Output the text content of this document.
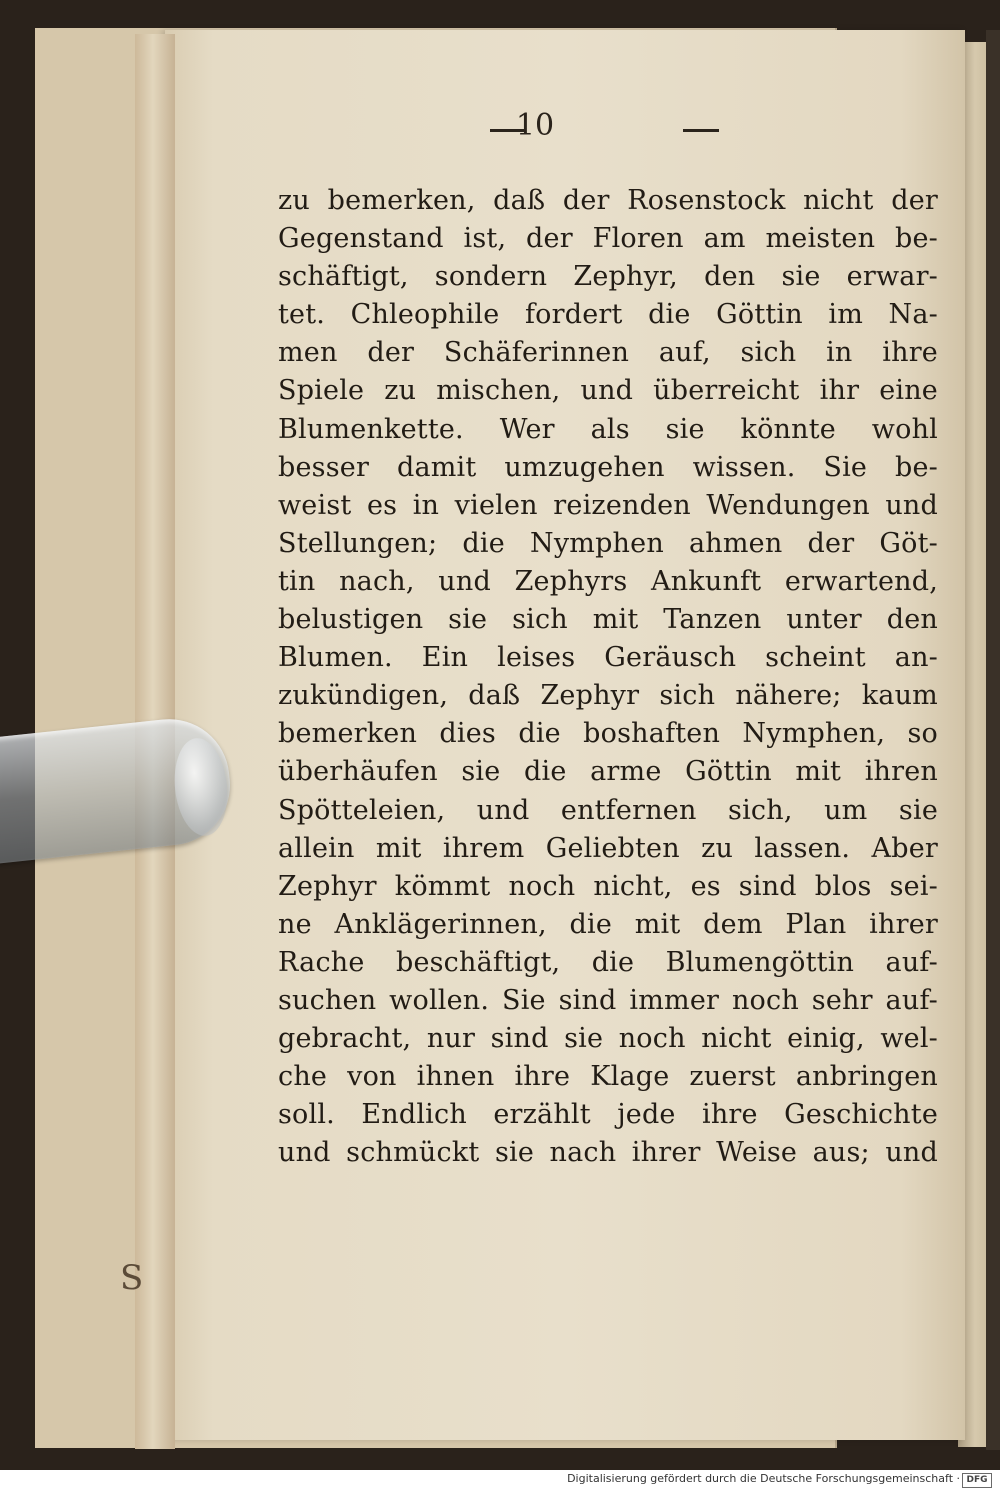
10
zu bemerken, daß der Rosenstock nicht der
Gegenstand ist, der Floren am meisten be-
schäftigt, sondern Zephyr, den sie erwar-
tet. Chleophile fordert die Göttin im Na-
men der Schäferinnen auf, sich in ihre
Spiele zu mischen, und überreicht ihr eine
Blumenkette. Wer als sie könnte wohl
besser damit umzugehen wissen. Sie be-
weist es in vielen reizenden Wendungen und
Stellungen; die Nymphen ahmen der Göt-
tin nach, und Zephyrs Ankunft erwartend,
belustigen sie sich mit Tanzen unter den
Blumen. Ein leises Geräusch scheint an-
zukündigen, daß Zephyr sich nähere; kaum
bemerken dies die boshaften Nymphen, so
überhäufen sie die arme Göttin mit ihren
Spötteleien, und entfernen sich, um sie
allein mit ihrem Geliebten zu lassen. Aber
Zephyr kömmt noch nicht, es sind blos sei-
ne Anklägerinnen, die mit dem Plan ihrer
Rache beschäftigt, die Blumengöttin auf-
suchen wollen. Sie sind immer noch sehr auf-
gebracht, nur sind sie noch nicht einig, wel-
che von ihnen ihre Klage zuerst anbringen
soll. Endlich erzählt jede ihre Geschichte
und schmückt sie nach ihrer Weise aus; und
S
Digitalisierung gefördert durch die Deutsche Forschungsgemeinschaft · DFG
